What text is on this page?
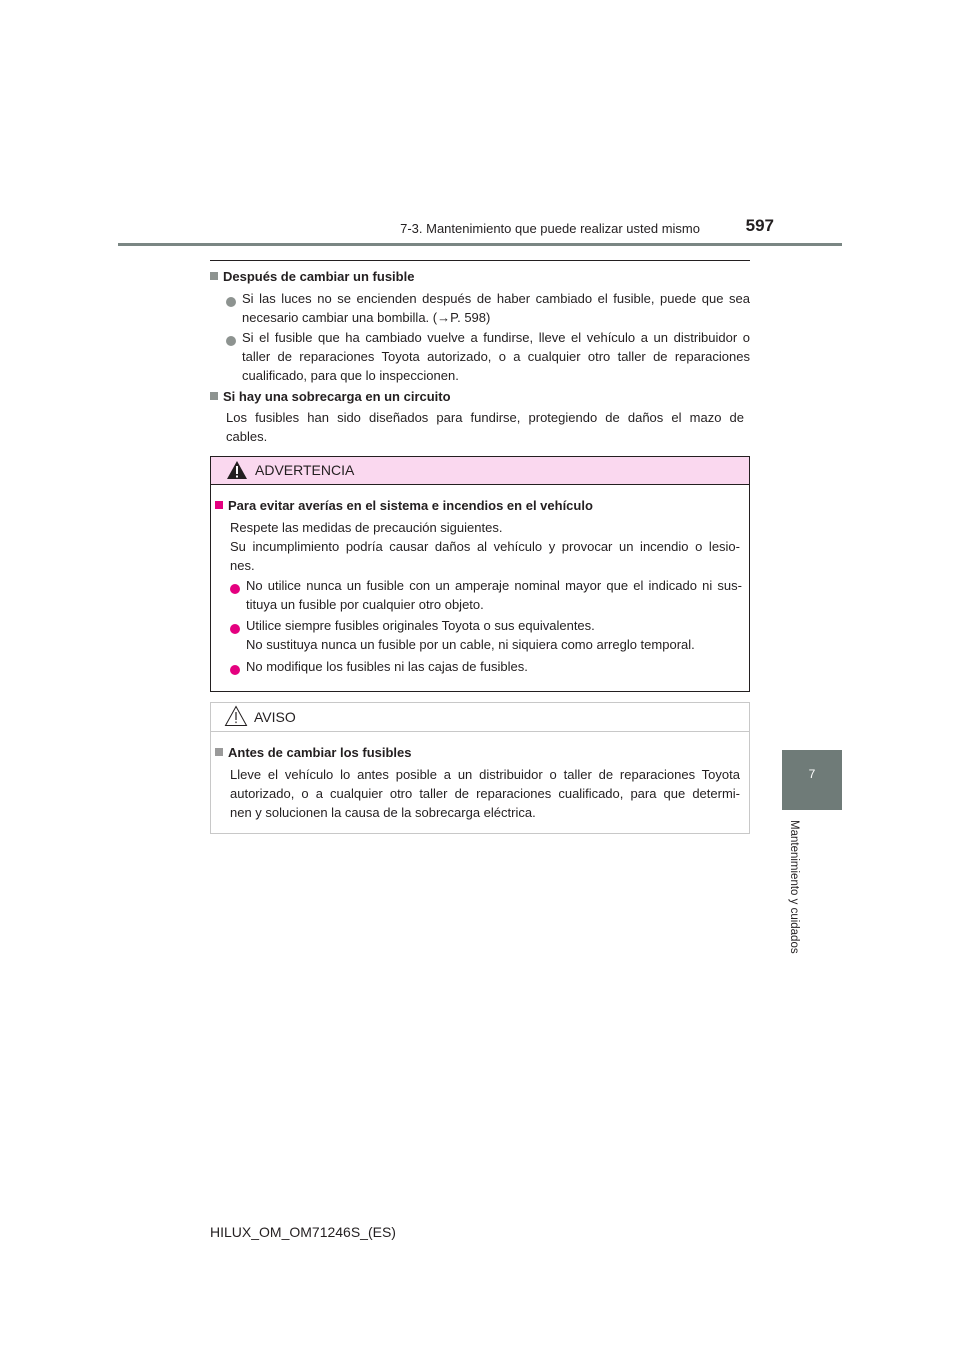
7-3. Mantenimiento que puede realizar usted mismo	597
7
Mantenimiento y cuidados
Después de cambiar un fusible
Si las luces no se encienden después de haber cambiado el fusible, puede que sea
necesario cambiar una bombilla. (→P. 598)
Si el fusible que ha cambiado vuelve a fundirse, lleve el vehículo a un distribuidor o
taller de reparaciones Toyota autorizado, o a cualquier otro taller de reparaciones
cualificado, para que lo inspeccionen.
Si hay una sobrecarga en un circuito
Los fusibles han sido diseñados para fundirse, protegiendo de daños el mazo de
cables.
ADVERTENCIA
Para evitar averías en el sistema e incendios en el vehículo
Respete las medidas de precaución siguientes.
Su incumplimiento podría causar daños al vehículo y provocar un incendio o lesio-
nes.
No utilice nunca un fusible con un amperaje nominal mayor que el indicado ni sus-
tituya un fusible por cualquier otro objeto.
Utilice siempre fusibles originales Toyota o sus equivalentes.
No sustituya nunca un fusible por un cable, ni siquiera como arreglo temporal.
No modifique los fusibles ni las cajas de fusibles.
AVISO
Antes de cambiar los fusibles
Lleve el vehículo lo antes posible a un distribuidor o taller de reparaciones Toyota
autorizado, o a cualquier otro taller de reparaciones cualificado, para que determi-
nen y solucionen la causa de la sobrecarga eléctrica.
HILUX_OM_OM71246S_(ES)
